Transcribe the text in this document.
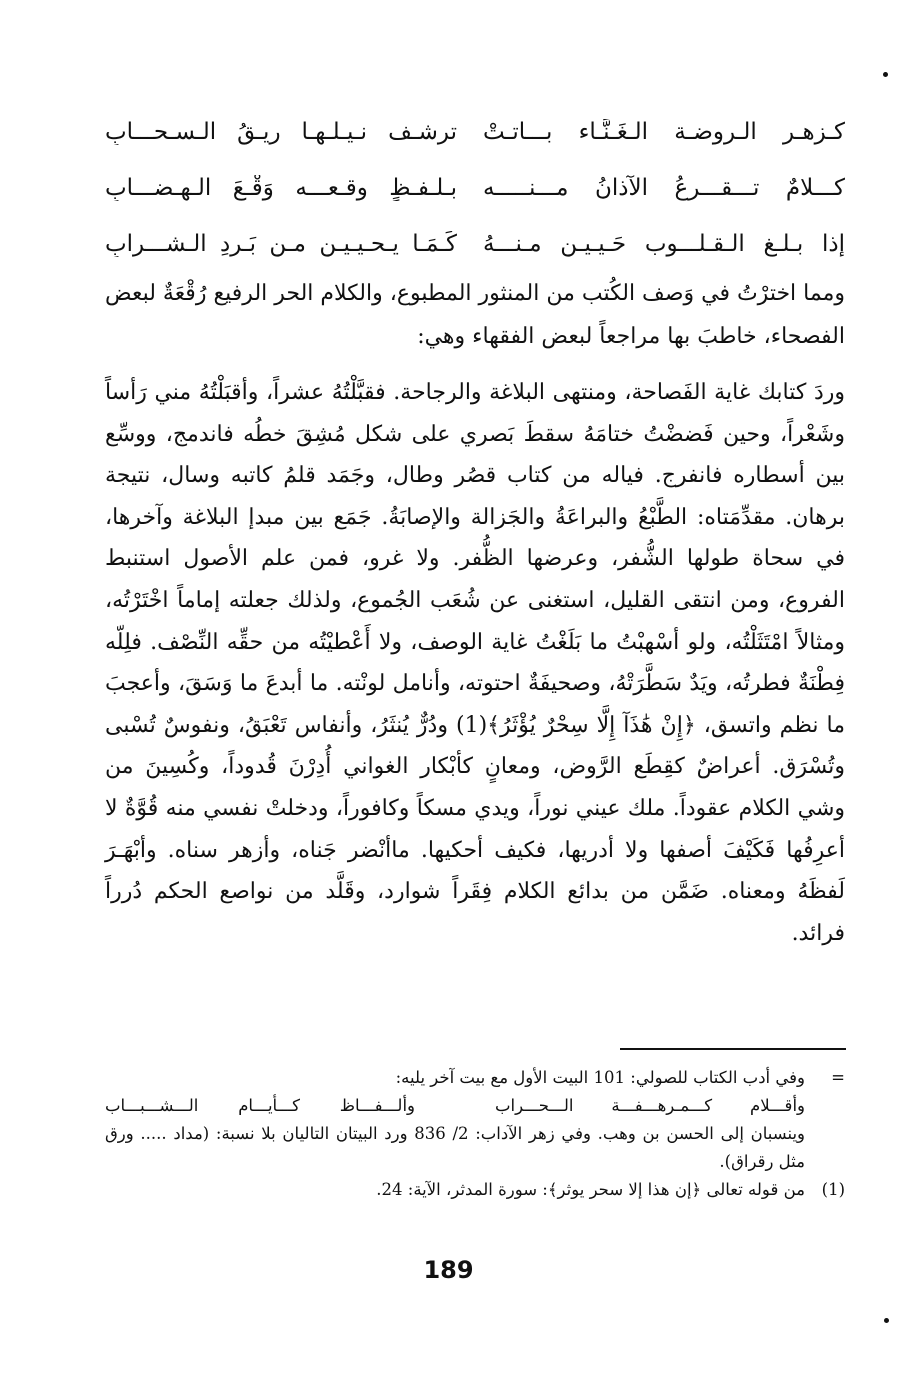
كـزهـر الـروضـة الـغَـنَّـاء بـــاتـتْ
ترشـف نـيـلـهـا ريـقُ الـسـحـــابِ
كـــلامٌ تـــقـــرعُ الآذانُ مـــنـــــه
بـلـفـظٍ وقـعـــه وَقْـعَ الـهـضـــابِ
إذا بـلـغ الـقـلـــوب حَـيـيـن مـنـــهُ
كَـمَـا يـحـيـيـن مـن بَـردِ الـشـــرابِ

ومما اخترْتُ في وَصف الكُتب من المنثور المطبوع، والكلام الحر الرفيع رُقْعَةٌ لبعض الفصحاء، خاطبَ بها مراجعاً لبعض الفقهاء وهي:

وردَ كتابك غاية الفَصاحة، ومنتهى البلاغة والرجاحة. فقبَّلْتُهُ عشراً، وأقبَلْتُهُ مني رَأساً وشَعْراً، وحين فَضضْتُ ختامَهُ سقطَ بَصري على شكل مُشِقَ خطُه فاندمج، ووسِّع بين أسطاره فانفرج. فياله من كتاب قصُر وطال، وجَمَد قلمُ كاتبه وسال، نتيجة برهان. مقدِّمَتاه: الطَّبْعُ والبراعَةُ والجَزالة والإصابَةُ. جَمَع بين مبدإ البلاغة وآخرها، في سحاة طولها الشُّفر، وعرضها الظُّفر. ولا غرو، فمن علم الأصول استنبط الفروع، ومن انتقى القليل، استغنى عن شُعَب الجُموع، ولذلك جعلته إماماً اخْتَرْتُه، ومثالاً امْتَثَلْتُه، ولو أسْهبْتُ ما بَلَغْتُ غاية الوصف، ولا أَعْطيْتُه من حقِّه النِّصْف. فلِلّه فِطْنَةٌ فطرتُه، ويَدٌ سَطَّرَتْهُ، وصحيفَةٌ احتوته، وأنامل لونْته. ما أبدعَ ما وَسَقَ، وأعجبَ ما نظم واتسق، ﴿إِنْ هَٰذَآ إِلَّا سِحْرٌ يُؤْثَرُ﴾(1) ودُرٌّ يُنثَرُ، وأنفاس تَعْبَقُ، ونفوسٌ تُسْبى وتُسْرَق. أعراضٌ كقِطَع الرَّوض، ومعانٍ كأبْكار الغواني أُدِرْنَ قُدوداً، وكُسِينَ من وشي الكلام عقوداً. ملك عيني نوراً، ويدي مسكاً وكافوراً، ودخلتْ نفسي منه قُوَّةٌ لا أعرِفُها فَكَيْفَ أصفها ولا أدريها، فكيف أحكيها. ماأنْضر جَناه، وأزهر سناه. وأبْهَـرَ لَفظَهُ ومعناه. ضَمَّن من بدائع الكلام فِقَراً شوارد، وقَلَّد من نواصع الحكم دُرراً فرائد.

=
وفي أدب الكتاب للصولي: 101 البيت الأول مع بيت آخر يليه:
وأقـــلام كـــمـرهـــفـــة الـــحـــراب
وألـــفـــاظ كـــأيـــام الـــشـــبـــاب
وينسبان إلى الحسن بن وهب. وفي زهر الآداب: 2/ 836 ورد البيتان التاليان بلا نسبة: (مداد ..... ورق مثل رقراق).
(1)
من قوله تعالى ﴿إن هذا إلا سحر يوثر﴾: سورة المدثر، الآية: 24.
189
